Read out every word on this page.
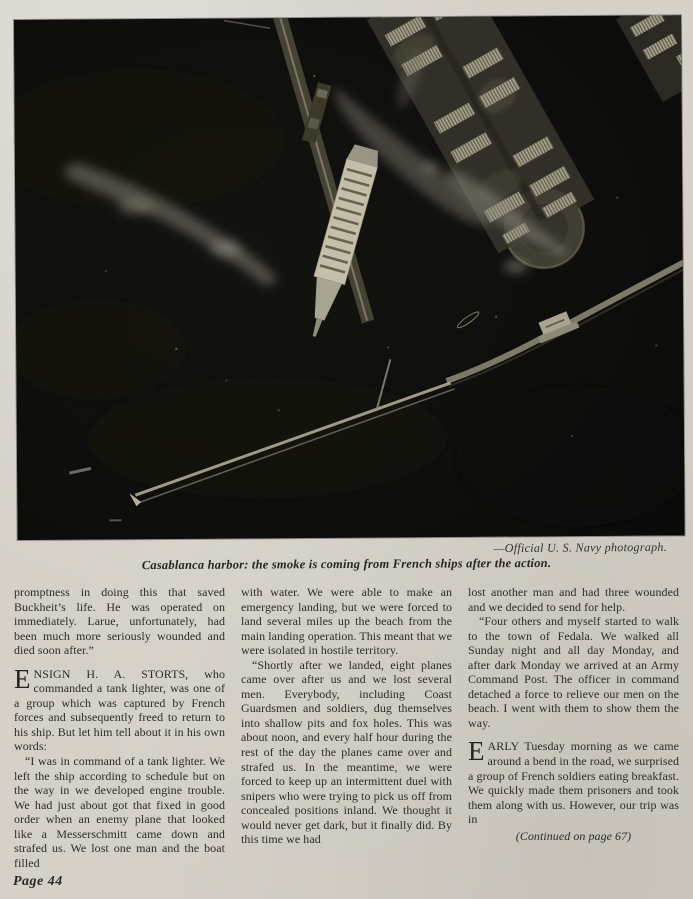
—Official U. S. Navy photograph.
Casablanca harbor: the smoke is coming from French ships after the action.

promptness in doing this that saved Buckheit’s life. He was operated on immediately. Larue, unfortunately, had been much more seriously wounded and died soon after.”

ENSIGN H. A. STORTS, who commanded a tank lighter, was one of a group which was captured by French forces and subsequently freed to return to his ship. But let him tell about it in his own words:

“I was in command of a tank lighter. We left the ship according to schedule but on the way in we developed engine trouble. We had just about got that fixed in good order when an enemy plane that looked like a Messerschmitt came down and strafed us. We lost one man and the boat filled

with water. We were able to make an emergency landing, but we were forced to land several miles up the beach from the main landing operation. This meant that we were isolated in hostile territory.

“Shortly after we landed, eight planes came over after us and we lost several men. Everybody, including Coast Guardsmen and soldiers, dug themselves into shallow pits and fox holes. This was about noon, and every half hour during the rest of the day the planes came over and strafed us. In the meantime, we were forced to keep up an intermittent duel with snipers who were trying to pick us off from concealed positions inland. We thought it would never get dark, but it finally did. By this time we had

lost another man and had three wounded and we decided to send for help.

“Four others and myself started to walk to the town of Fedala. We walked all Sunday night and all day Monday, and after dark Monday we arrived at an Army Command Post. The officer in command detached a force to relieve our men on the beach. I went with them to show them the way.

EARLY Tuesday morning as we came around a bend in the road, we surprised a group of French soldiers eating breakfast. We quickly made them prisoners and took them along with us. However, our trip was in

(Continued on page 67)

Page 44
